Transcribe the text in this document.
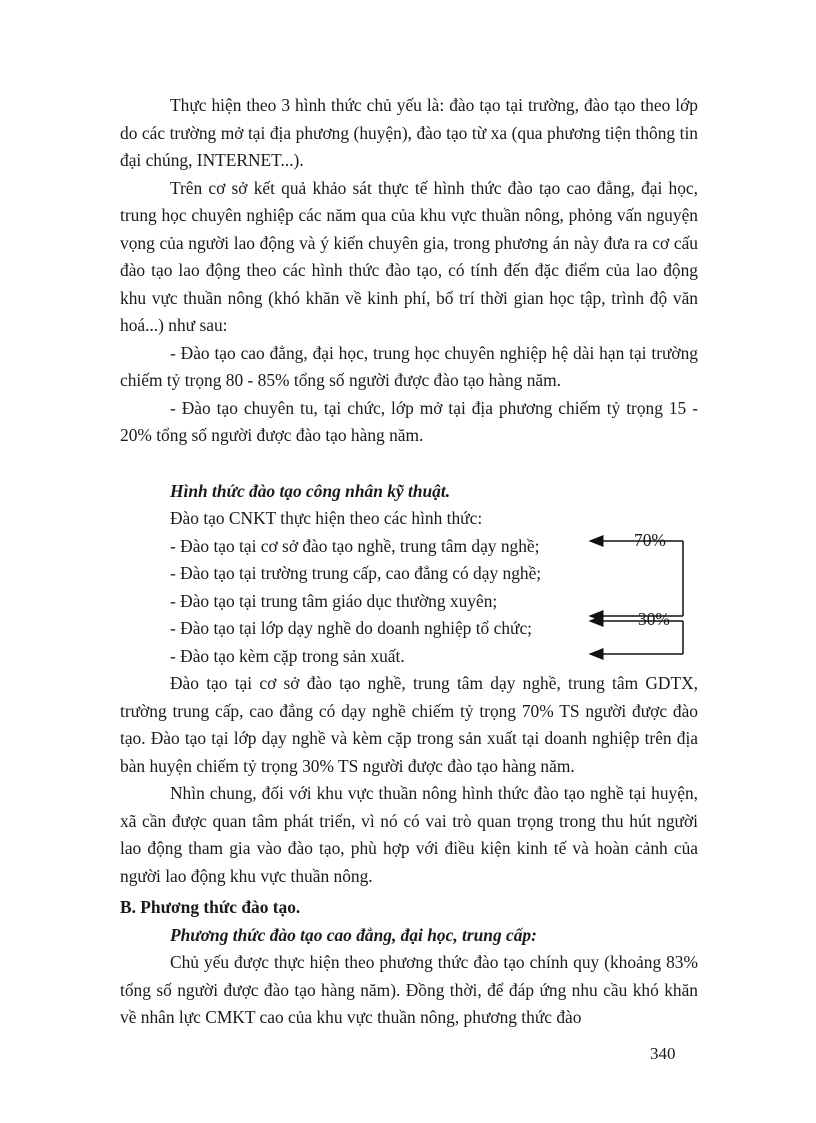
Thực hiện theo 3 hình thức chủ yếu là: đào tạo tại trường, đào tạo theo lớp do các trường mở tại địa phương (huyện), đào tạo từ xa (qua phương tiện thông tin đại chúng, INTERNET...).

Trên cơ sở kết quả khảo sát thực tế hình thức đào tạo cao đẳng, đại học, trung học chuyên nghiệp các năm qua của khu vực thuần nông, phỏng vấn nguyện vọng của người lao động và ý kiến chuyên gia, trong phương án này đưa ra cơ cấu đào tạo lao động theo các hình thức đào tạo, có tính đến đặc điểm của lao động khu vực thuần nông (khó khăn về kinh phí, bố trí thời gian học tập, trình độ văn hoá...) như sau:

- Đào tạo cao đẳng, đại học, trung học chuyên nghiệp hệ dài hạn tại trường chiếm tỷ trọng 80 - 85% tổng số người được đào tạo hàng năm.

- Đào tạo chuyên tu, tại chức, lớp mở tại địa phương chiếm tỷ trọng 15 - 20% tổng số người được đào tạo hàng năm.

Hình thức đào tạo công nhân kỹ thuật.

Đào tạo CNKT thực hiện theo các hình thức:

- Đào tạo tại cơ sở đào tạo nghề, trung tâm dạy nghề;

- Đào tạo tại trường trung cấp, cao đẳng có dạy nghề;

- Đào tạo tại trung tâm giáo dục thường xuyên;

- Đào tạo tại lớp dạy nghề do doanh nghiệp tổ chức;

- Đào tạo kèm cặp trong sản xuất.

Đào tạo tại cơ sở đào tạo nghề, trung tâm dạy nghề, trung tâm GDTX, trường trung cấp, cao đẳng có dạy nghề chiếm tỷ trọng 70% TS người được đào tạo. Đào tạo tại lớp dạy nghề và kèm cặp trong sản xuất tại doanh nghiệp trên địa bàn huyện chiếm tỷ trọng 30% TS người được đào tạo hàng năm.

Nhìn chung, đối với khu vực thuần nông hình thức đào tạo nghề tại huyện, xã cần được quan tâm phát triển, vì nó có vai trò quan trọng trong thu hút người lao động tham gia vào đào tạo, phù hợp với điều kiện kinh tế và hoàn cảnh của người lao động khu vực thuần nông.

B. Phương thức đào tạo.

Phương thức đào tạo cao đẳng, đại học, trung cấp:

Chủ yếu được thực hiện theo phương thức đào tạo chính quy (khoảng 83% tổng số người được đào tạo hàng năm). Đồng thời, để đáp ứng nhu cầu khó khăn về nhân lực CMKT cao của khu vực thuần nông, phương thức đào

70%
30%
340
